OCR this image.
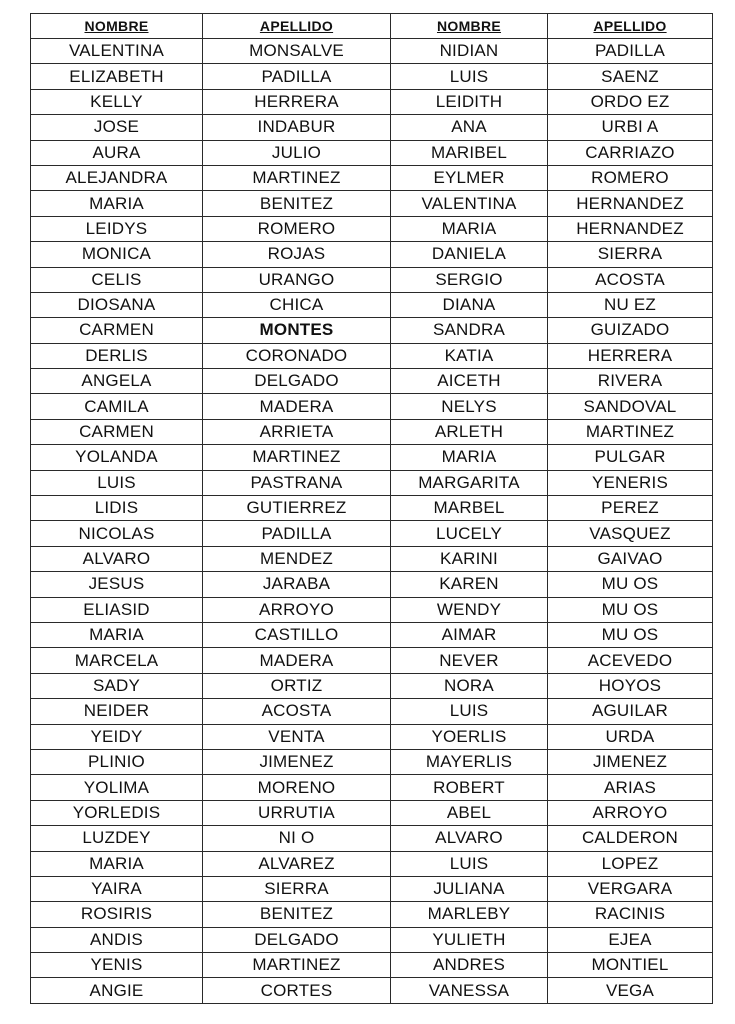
NOMBRE	APELLIDO	NOMBRE	APELLIDO
VALENTINA	MONSALVE	NIDIAN	PADILLA
ELIZABETH	PADILLA	LUIS	SAENZ
KELLY	HERRERA	LEIDITH	ORDO EZ
JOSE	INDABUR	ANA	URBI A
AURA	JULIO	MARIBEL	CARRIAZO
ALEJANDRA	MARTINEZ	EYLMER	ROMERO
MARIA	BENITEZ	VALENTINA	HERNANDEZ
LEIDYS	ROMERO	MARIA	HERNANDEZ
MONICA	ROJAS	DANIELA	SIERRA
CELIS	URANGO	SERGIO	ACOSTA
DIOSANA	CHICA	DIANA	NU EZ
CARMEN	MONTES	SANDRA	GUIZADO
DERLIS	CORONADO	KATIA	HERRERA
ANGELA	DELGADO	AICETH	RIVERA
CAMILA	MADERA	NELYS	SANDOVAL
CARMEN	ARRIETA	ARLETH	MARTINEZ
YOLANDA	MARTINEZ	MARIA	PULGAR
LUIS	PASTRANA	MARGARITA	YENERIS
LIDIS	GUTIERREZ	MARBEL	PEREZ
NICOLAS	PADILLA	LUCELY	VASQUEZ
ALVARO	MENDEZ	KARINI	GAIVAO
JESUS	JARABA	KAREN	MU OS
ELIASID	ARROYO	WENDY	MU OS
MARIA	CASTILLO	AIMAR	MU OS
MARCELA	MADERA	NEVER	ACEVEDO
SADY	ORTIZ	NORA	HOYOS
NEIDER	ACOSTA	LUIS	AGUILAR
YEIDY	VENTA	YOERLIS	URDA
PLINIO	JIMENEZ	MAYERLIS	JIMENEZ
YOLIMA	MORENO	ROBERT	ARIAS
YORLEDIS	URRUTIA	ABEL	ARROYO
LUZDEY	NI O	ALVARO	CALDERON
MARIA	ALVAREZ	LUIS	LOPEZ
YAIRA	SIERRA	JULIANA	VERGARA
ROSIRIS	BENITEZ	MARLEBY	RACINIS
ANDIS	DELGADO	YULIETH	EJEA
YENIS	MARTINEZ	ANDRES	MONTIEL
ANGIE	CORTES	VANESSA	VEGA
